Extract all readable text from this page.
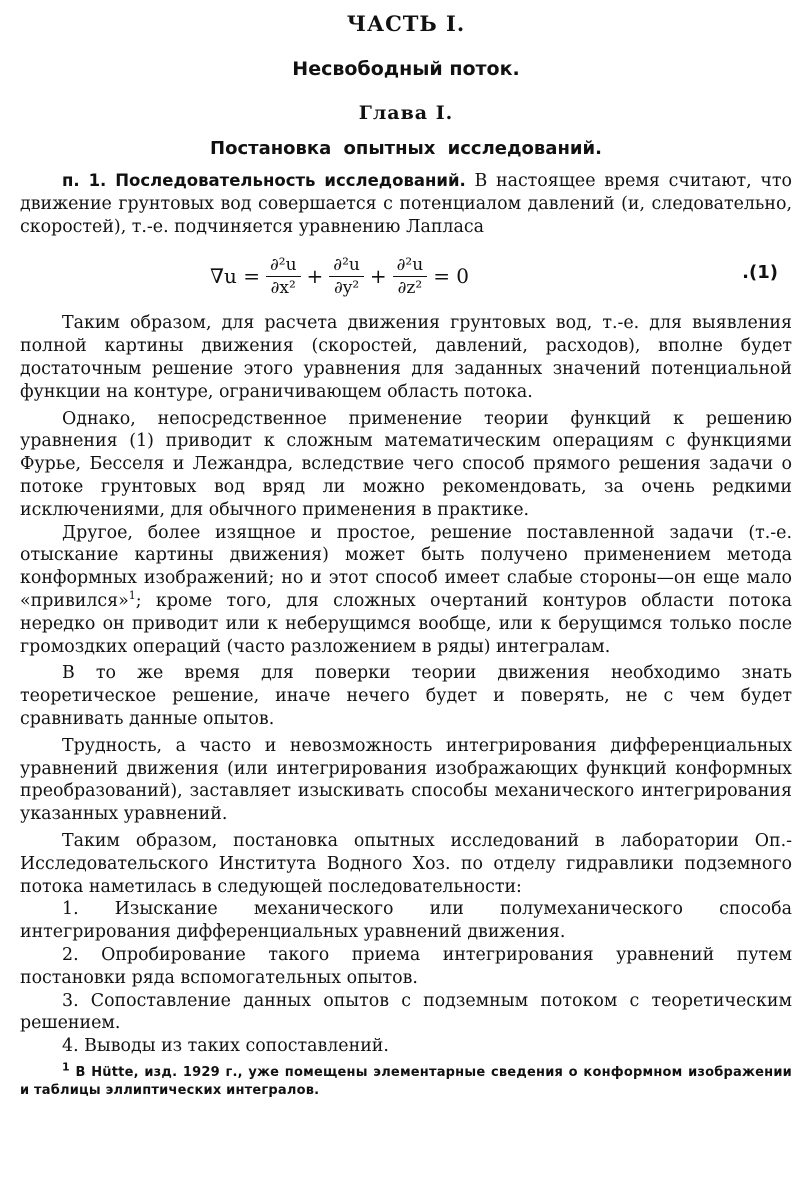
ЧАСТЬ I.
Несвободный поток.
Глава I.
Постановка опытных исследований.

п. 1. Последовательность исследований. В настоящее время считают, что движение грунтовых вод совершается с потенциалом давлений (и, следовательно, скоростей), т.-е. подчиняется уравнению Лапласа

$\nabla u = \frac{\text{∂²u}}{\text{∂x²}} + \frac{\text{∂²u}}{\text{∂y²}} + \frac{\text{∂²u}}{\text{∂z²}} = 0$	.(1)

Таким образом, для расчета движения грунтовых вод, т.-е. для выявления полной картины движения (скоростей, давлений, расходов), вполне будет достаточным решение этого уравнения для заданных значений потенциальной функции на контуре, ограничивающем область потока.

Однако, непосредственное применение теории функций к решению уравнения (1) приводит к сложным математическим операциям с функциями Фурье, Бесселя и Лежандра, вследствие чего способ прямого решения задачи о потоке грунтовых вод вряд ли можно рекомендовать, за очень редкими исключениями, для обычного применения в практике.

Другое, более изящное и простое, решение поставленной задачи (т.-е. отыскание картины движения) может быть получено применением метода конформных изображений; но и этот способ имеет слабые стороны—он еще мало «привился»$^1$; кроме того, для сложных очертаний контуров области потока нередко он приводит или к неберущимся вообще, или к берущимся только после громоздких операций (часто разложением в ряды) интегралам.

В то же время для поверки теории движения необходимо знать теоретическое решение, иначе нечего будет и поверять, не с чем будет сравнивать данные опытов.

Трудность, а часто и невозможность интегрирования дифференциальных уравнений движения (или интегрирования изображающих функций конформных преобразований), заставляет изыскивать способы механического интегрирования указанных уравнений.

Таким образом, постановка опытных исследований в лаборатории Оп.-Исследовательского Института Водного Хоз. по отделу гидравлики подземного потока наметилась в следующей последовательности:

1. Изыскание механического или полумеханического способа интегрирования дифференциальных уравнений движения.

2. Опробирование такого приема интегрирования уравнений путем постановки ряда вспомогательных опытов.

3. Сопоставление данных опытов с подземным потоком с теоретическим решением.

4. Выводы из таких сопоставлений.

$^1$ В Hütte, изд. 1929 г., уже помещены элементарные сведения о конформном изображении и таблицы эллиптических интегралов.
